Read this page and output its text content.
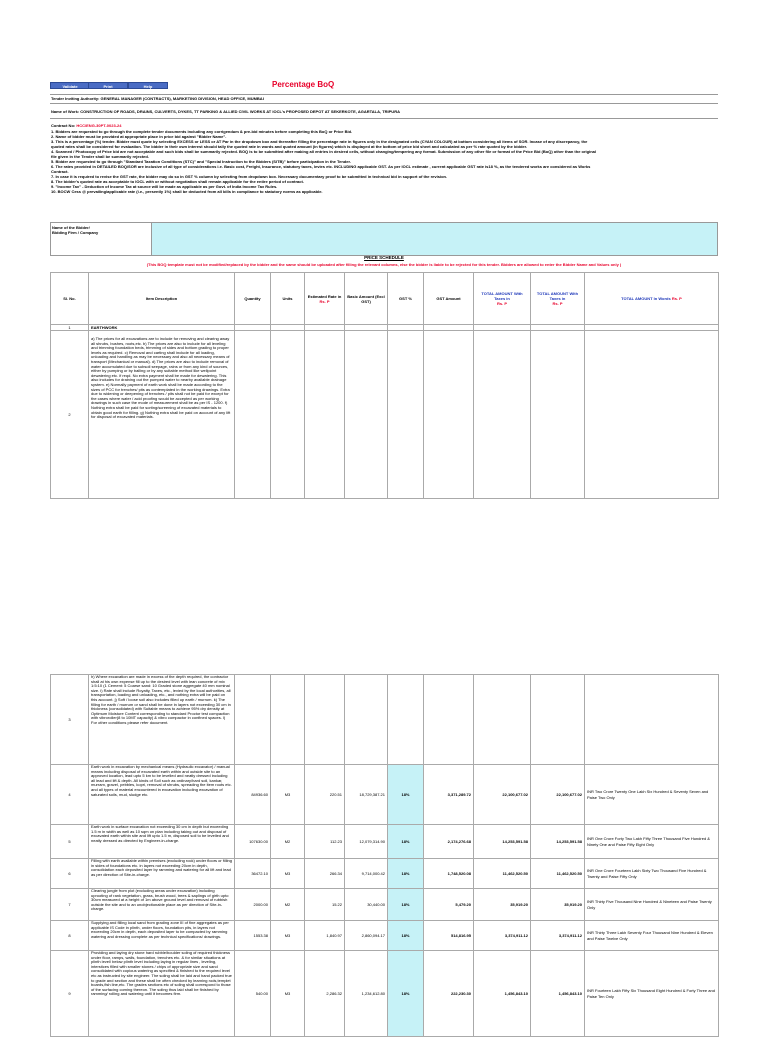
Validate	Print	Help	Percentage BoQ
Tender Inviting Authority: GENERAL MANAGER (CONTRACTS), MARKETING DIVISION, HEAD OFFICE, MUMBAI
Name of Work: CONSTRUCTION OF ROADS, DRAINS, CULVERTS, DYKES, TT PARKING & ALLIED CIVIL WORKS AT IOCL's PROPOSED DEPOT AT SEKERKOTE, AGARTALA, TRIPURA
Contract No: HCC/ENG-30PT-0023-24
1. Bidders are requested to go through the complete tender documents including any corrigendum & pre-bid minutes before completing this BoQ or Price Bid.
2. Name of bidder must be provided at appropriate place in price bid against "Bidder Name".
3. This is a percentage (%) tender. Bidder must quote by selecting EXCESS or LESS or AT Par in the dropdown box and thereafter filling the percentage rate in figures only in the designated cells (CYAN COLOUR) at bottom considering all items of SOR. Incase of any discrepancy, the
quoted rates shall be considered for evaluation. The bidder in their own interest should tally the quoted rate in words and quoted amount (in figures) which is displayed at the bottom of price bid sheet and calculated as per % rate quoted by the bidder.
4. Scanned / Photocopy of Price bid are not acceptable and such bids shall be summarily rejected. BOQ is to be submitted after making all entries in desired cells, without changing/tempering any format. Submission of any other file or format of the Price Bid (BoQ) other than the original
file given in the Tender shall be summarily rejected.
5. Bidder are requested to go through "Standard Taxation Conditions (STC)" and "Special Instruction to the Bidders (SITB)" before participation in the Tender.
6. The rates provided in DETAILED BOQ/SOR are inclusive of all type of considerations i.e. Basic cost, Freight, Insurance, statutory taxes, levies etc. INCLUDING applicable GST. As per IOCL estimate , current applicable GST rate is18 %, as the tendered works are considered as Works
Contract.
7. In case it is required to revise the GST rate, the bidder may do so in GST % column by selecting from dropdown box. Necessary documentary proof to be submitted in technical bid in support of the revision.
8. The bidder's quoted rate as acceptable to IOCL with or without negotiation shall remain applicable for the entire period of contract.
9. "Income Tax" - Deduction of Income Tax at source will be made as applicable as per Govt. of India Income Tax Rules.
10. BOCW Cess @ prevailing/applicable rate (i.e., presently 1%) shall be deducted from all bills in compliance to statutory norms as applicable.
Name of the Bidder/ Bidding Firm / Company
PRICE SCHEDULE
(This BOQ template must not be modified/replaced by the bidder and the same should be uploaded after filling the relevant columns, else the bidder is liable to be rejected for this tender. Bidders are allowed to enter the Bidder Name and Values only )
Sl. No.	Item Description	Quantity	Units	Estimated Rate in
Rs. P	Basic Amount (Excl GST)	GST %	GST Amount	TOTAL AMOUNT With Taxes in
Rs. P	TOTAL AMOUNT With Taxes in
Rs. P	TOTAL AMOUNT In Words Rs. P
1	EARTHWORK									
2	a) The prices for all excavations are to include for removing and clearing away all shrubs, bushes, roots,etc. b) The prices are also to include for all leveling and trimming foundation beds, trimming of sides and bottom grading to proper levels as required. c) Removal and carting shall include for all loading, unloading and handling as may be necessary and also all necessary means of transport (Mechanical or manual). d) The prices are also to include removal of water accumulated due to subsoil seepage, rains or from any kind of sources, either by pumping or by bailing or by any suitable method like wellpoint dewatering etc. if reqd. No extra payment shall be made for dewatering. This also includes for draining out the pumped water to nearby available drainage system. e) Normally payment of earth work shall be made according to the sizes of PCC for trenches/ pits as contemplated in the working drawings. Extra due to widening or deepening of trenches / pits shall not be paid for except for the cases where water / acid proofing would be accepted as per working drawings in such case the mode of measurement shall be as per IS - 1200. f) Nothing extra shall be paid for sorting/screening of excavated materials to obtain good earth for filling. g) Nothing extra shall be paid on account of any lift for disposal of excavated materials.									
3	h) Where excavation are made in excess of the depth required, the contractor shall at his own expense fill up to the desired level with lean concrete of mix 1:5:10 (1 Cement: 5 Coarse sand: 10 Graded stone aggregate 40 mm nominal size. i) Rate shall include Royalty, Taxes, etc., levied by the local authorities, all transportation, loading and unloading, etc., and nothing extra will be paid on this account. j) Soft / loose soil also includes filled up earth / murrum. k) The filling for earth / murrum or sand shall be done in layers not exceeding 30 cm in thickness (consolidated) with Suitable means to achieve 95% dry density at Optimum Moisture Content corresponding to standard Proctor test compaction with vibroroller(8 to 10MT capacity) & vibro compactor in confined spaces. l) For other conditions please refer document.									
4	Earth work in excavation by mechanical means (Hydraulic excavator) / manual means including disposal of excavated earth within and outside site to an approved location, lead upto 5 km to be levelled and neatly dressed including all lead and lift & depth. All kinds of Soil such as ordinary/hard soil, kankar, murram, gravel, pebbles, kopri, removal of shrubs, spreading the item roots etc. and all types of material encountered in excavation including excavation of saturated soils, mud, sludge etc.	84936.60	M3	220.51	18,729,387.21	18%	3,371,289.72	22,100,677.02	22,100,677.02	INR Two Crore Twenty One Lakh Six Hundred & Seventy Seven and Paise Two Only
5	Earth work in surface excavation not exceeding 30 cm in depth but exceeding 1.5 m in width as well as 10 sqm on plan including taking out and disposal of excavated earth within site and lift upto 1.5 m, disposed soil to be levelled and neatly dressed as directed by Engineer-in-charge.	107630.00	M2	112.23	12,079,314.90	18%	2,174,276.68	14,253,591.58	14,253,591.58	INR One Crore Forty Two Lakh Fifty Three Thousand Five Hundred & Ninety One and Paise Fifty Eight Only
6	Filling with earth available within premises (excluding rock) under floors or filling in sides of foundations etc. in layers not exceeding 20cm in depth, consolidation each deposited layer by ramming and watering for all lift and lead as per direction of Site-in-charge.	36472.10	M3	266.34	9,714,000.42	18%	1,748,520.08	11,462,520.50	11,462,520.50	INR One Crore Fourteen Lakh Sixty Two Thousand Five Hundred & Twenty and Paise Fifty Only
7	Clearing jungle from plot (excluding areas under excavation) including uprooting of rank vegetation, grass, brush wood, trees & saplings of girth upto 30cm measured at a height of 1m above ground level and removal of rubbish outside the site and to an unobjectionable place as per direction of Site-in-charge.	2000.00	M2	15.22	30,440.00	18%	5,479.20	35,919.20	35,919.20	INR Thirty Five Thousand Nine Hundred & Nineteen and Paise Twenty Only
8	Supplying and filling local sand from grading zone III of fine aggregates as per applicable IS Code in plinth, under floors, foundation pits, in layers not exceeding 20cm in depth, each deposited layer to be compacted by ramming watering and dressing complete as per technical specifications/ drawings.	1553.38	M3	1,840.97	2,860,094.17	18%	514,816.95	3,374,911.12	3,374,911.12	INR Thirty Three Lakh Seventy Four Thousand Nine Hundred & Eleven and Paise Twelve Only
9	Providing and laying dry stone hard rubble/boulder soling of required thickness under floor, ramps, walls, foundation, trenches etc. & for similar situations at plinth level/ below plinth level including laying in regular lines , leveling, interstices filled with smaller stones / chips of appropriate size and sand consolidated with copious watering as specified & finished to the required level etc as instructed by site engineer. The soling shall be laid and hand packed true to grade and section and these shall be often checked by learning rods,templet boards,fish line,etc. The grades sections etc of soling shall correspond to those of the surfacing coming thereon. The soling thus laid shall be finished by ramming/ rolling and watering until it becomes firm.	540.00	M3	2,286.32	1,234,612.80	18%	222,230.30	1,456,843.10	1,456,843.10	INR Fourteen Lakh Fifty Six Thousand Eight Hundred & Forty Three and Paise Ten Only
